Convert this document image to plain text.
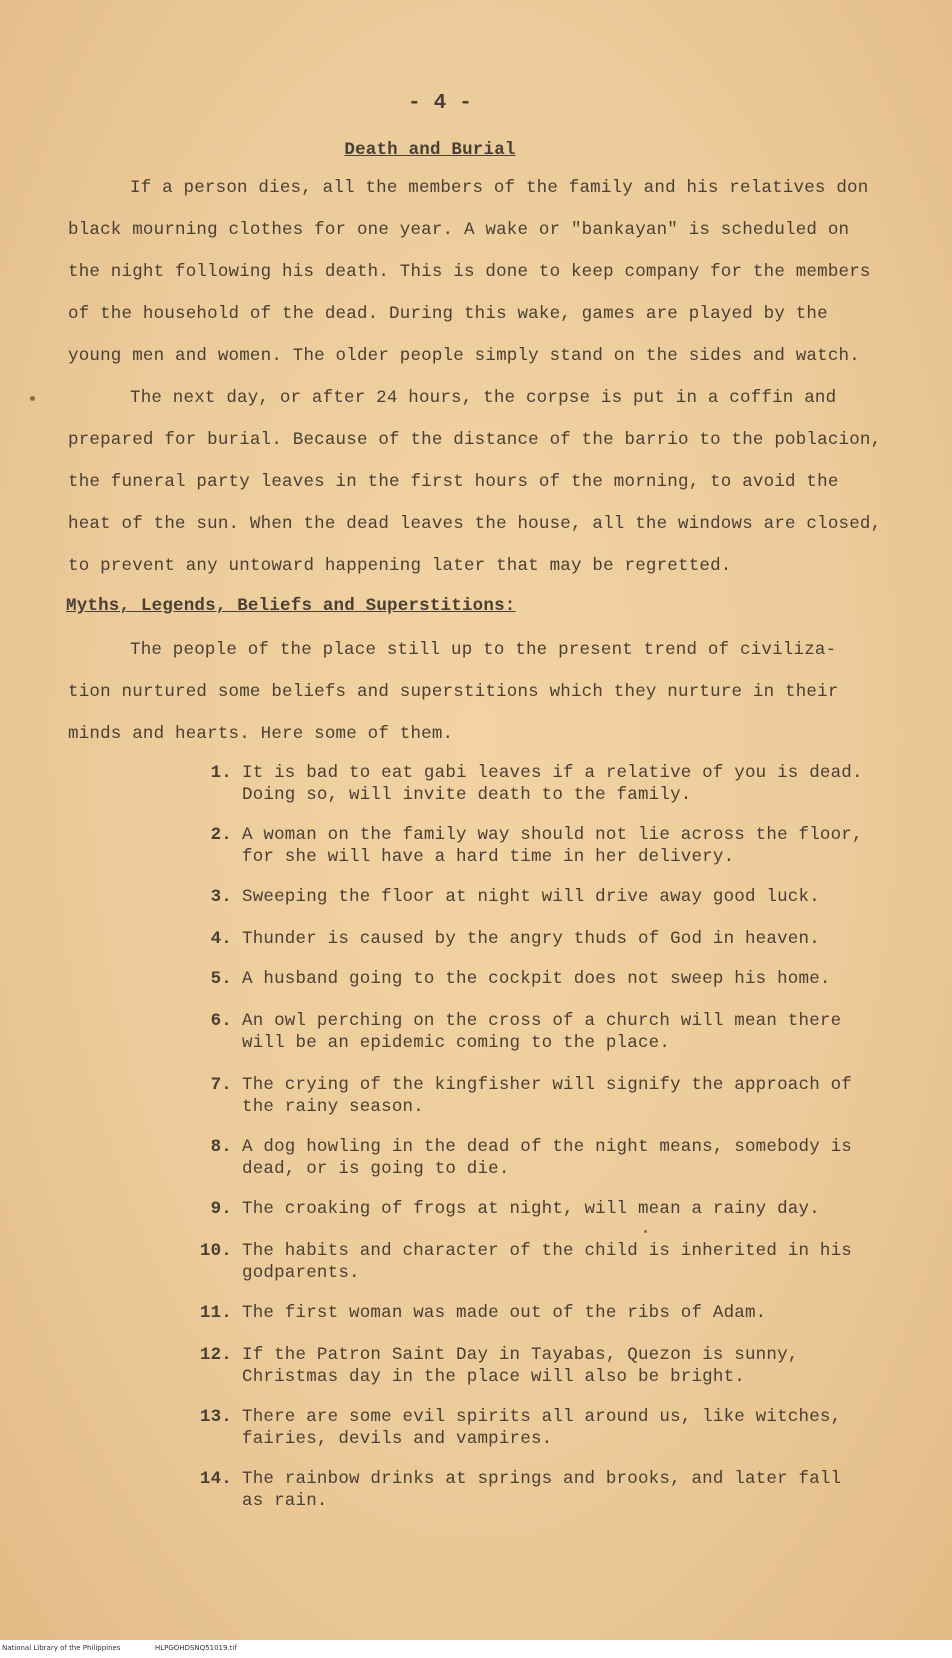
- 4 -
Death and Burial
If a person dies, all the members of the family and his relatives don
black mourning clothes for one year. A wake or "bankayan" is scheduled on
the night following his death. This is done to keep company for the members
of the household of the dead. During this wake, games are played by the
young men and women. The older people simply stand on the sides and watch.
The next day, or after 24 hours, the corpse is put in a coffin and
prepared for burial. Because of the distance of the barrio to the poblacion,
the funeral party leaves in the first hours of the morning, to avoid the
heat of the sun. When the dead leaves the house, all the windows are closed,
to prevent any untoward happening later that may be regretted.
Myths, Legends, Beliefs and Superstitions:
The people of the place still up to the present trend of civiliza-
tion nurtured some beliefs and superstitions which they nurture in their
minds and hearts. Here some of them.
1. It is bad to eat gabi leaves if a relative of you is dead.
Doing so, will invite death to the family.
2. A woman on the family way should not lie across the floor,
for she will have a hard time in her delivery.
3. Sweeping the floor at night will drive away good luck.
4. Thunder is caused by the angry thuds of God in heaven.
5. A husband going to the cockpit does not sweep his home.
6. An owl perching on the cross of a church will mean there
will be an epidemic coming to the place.
7. The crying of the kingfisher will signify the approach of
the rainy season.
8. A dog howling in the dead of the night means, somebody is
dead, or is going to die.
9. The croaking of frogs at night, will mean a rainy day.
10. The habits and character of the child is inherited in his
godparents.
11. The first woman was made out of the ribs of Adam.
12. If the Patron Saint Day in Tayabas, Quezon is sunny,
Christmas day in the place will also be bright.
13. There are some evil spirits all around us, like witches,
fairies, devils and vampires.
14. The rainbow drinks at springs and brooks, and later fall
as rain.
National Library of the Philippines	HLPGOHDSNQ51019.tif
